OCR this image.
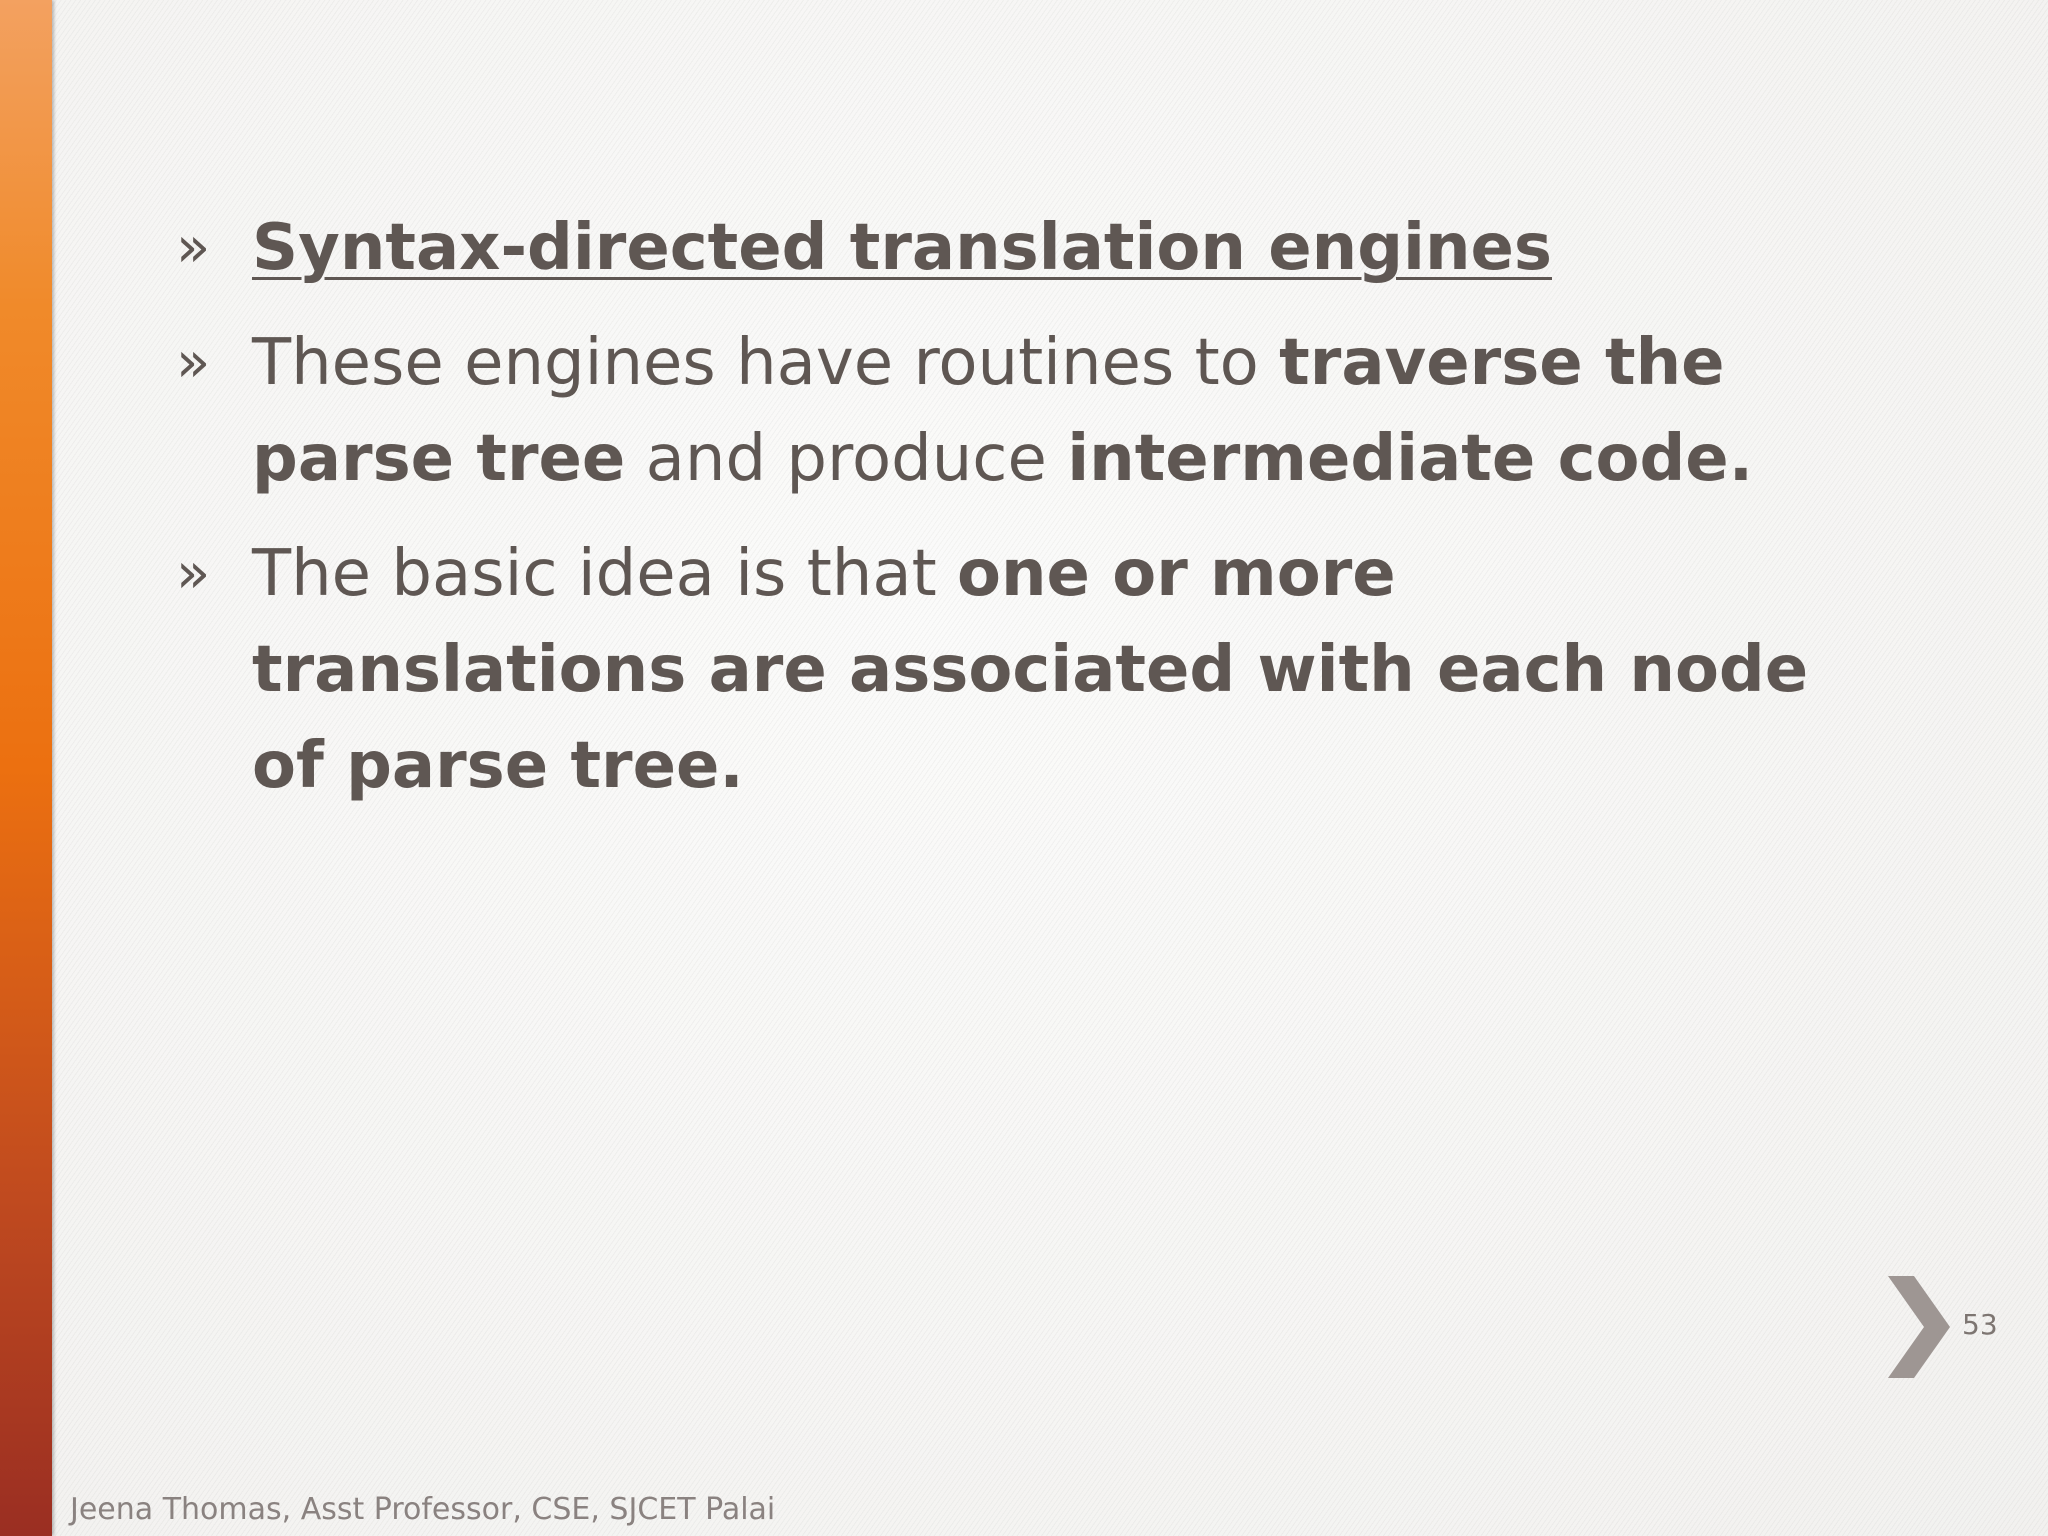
» Syntax-directed translation engines
» These engines have routines to traverse the parse tree and produce intermediate code.
» The basic idea is that one or more translations are associated with each node of parse tree.
53
Jeena Thomas, Asst Professor, CSE, SJCET Palai
